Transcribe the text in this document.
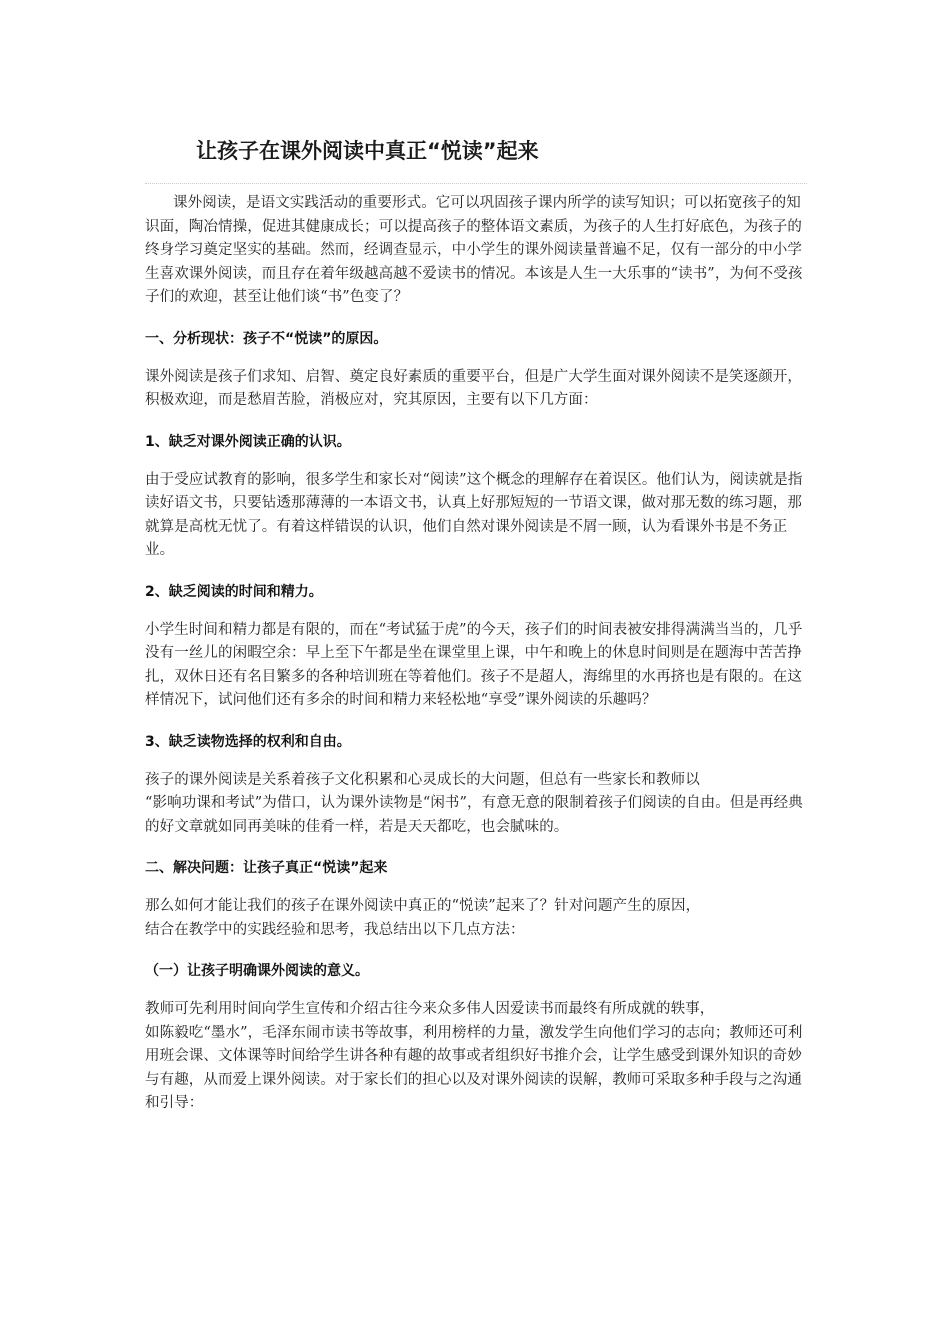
让孩子在课外阅读中真正“悦读”起来

课外阅读，是语文实践活动的重要形式。它可以巩固孩子课内所学的读写知识；可以拓宽孩子的知识面，陶冶情操，促进其健康成长；可以提高孩子的整体语文素质，为孩子的人生打好底色，为孩子的终身学习奠定坚实的基础。然而，经调查显示，中小学生的课外阅读量普遍不足，仅有一部分的中小学生喜欢课外阅读，而且存在着年级越高越不爱读书的情况。本该是人生一大乐事的“读书”，为何不受孩子们的欢迎，甚至让他们谈“书”色变了？

一、分析现状：孩子不“悦读”的原因。

课外阅读是孩子们求知、启智、奠定良好素质的重要平台，但是广大学生面对课外阅读不是笑逐颜开，积极欢迎，而是愁眉苦脸，消极应对，究其原因，主要有以下几方面：

1、缺乏对课外阅读正确的认识。

由于受应试教育的影响，很多学生和家长对“阅读”这个概念的理解存在着误区。他们认为，阅读就是指读好语文书，只要钻透那薄薄的一本语文书，认真上好那短短的一节语文课，做对那无数的练习题，那就算是高枕无忧了。有着这样错误的认识，他们自然对课外阅读是不屑一顾，认为看课外书是不务正业。

2、缺乏阅读的时间和精力。

小学生时间和精力都是有限的，而在“考试猛于虎”的今天，孩子们的时间表被安排得满满当当的，几乎没有一丝儿的闲暇空余：早上至下午都是坐在课堂里上课，中午和晚上的休息时间则是在题海中苦苦挣扎，双休日还有名目繁多的各种培训班在等着他们。孩子不是超人，海绵里的水再挤也是有限的。在这样情况下，试问他们还有多余的时间和精力来轻松地“享受”课外阅读的乐趣吗？

3、缺乏读物选择的权利和自由。

孩子的课外阅读是关系着孩子文化积累和心灵成长的大问题，但总有一些家长和教师以

“影响功课和考试”为借口，认为课外读物是“闲书”，有意无意的限制着孩子们阅读的自由。但是再经典的好文章就如同再美味的佳肴一样，若是天天都吃，也会腻味的。

二、解决问题：让孩子真正“悦读”起来

那么如何才能让我们的孩子在课外阅读中真正的“悦读”起来了？针对问题产生的原因，

结合在教学中的实践经验和思考，我总结出以下几点方法：

（一）让孩子明确课外阅读的意义。

教师可先利用时间向学生宣传和介绍古往今来众多伟人因爱读书而最终有所成就的轶事，

如陈毅吃“墨水”，毛泽东闹市读书等故事，利用榜样的力量，激发学生向他们学习的志向；教师还可利用班会课、文体课等时间给学生讲各种有趣的故事或者组织好书推介会，让学生感受到课外知识的奇妙与有趣，从而爱上课外阅读。对于家长们的担心以及对课外阅读的误解，教师可采取多种手段与之沟通和引导：
